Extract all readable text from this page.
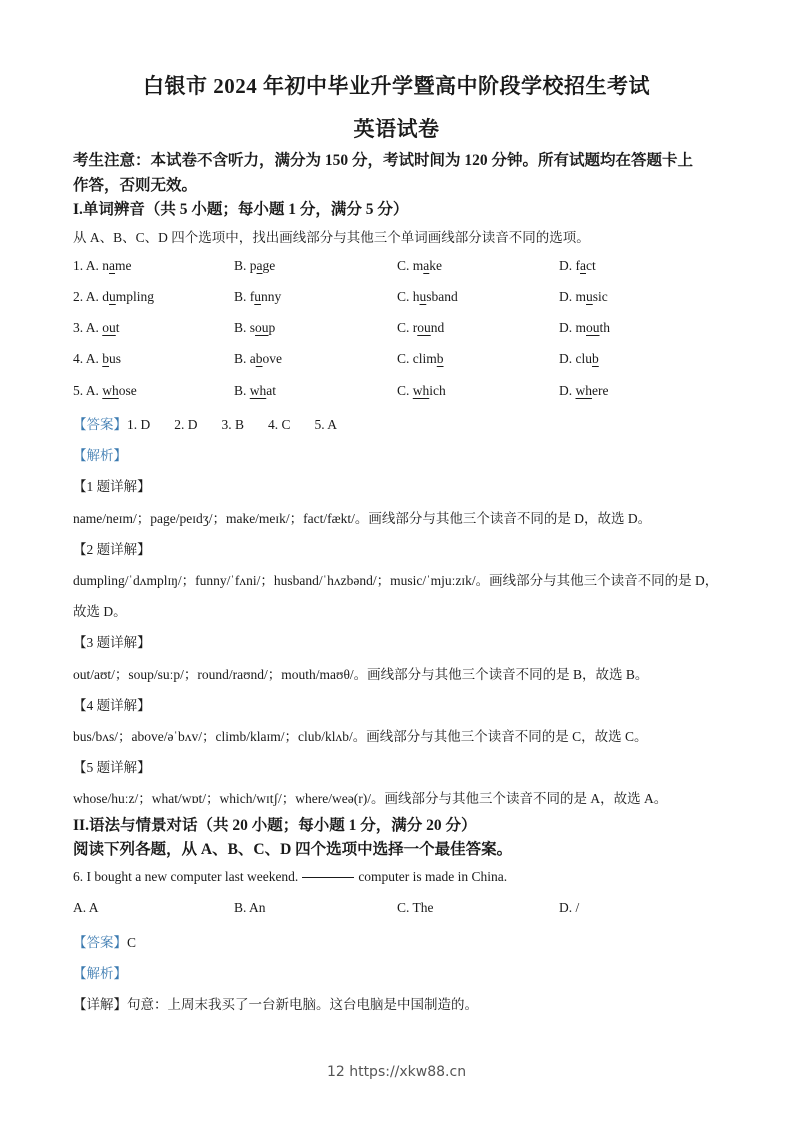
白银市 2024 年初中毕业升学暨高中阶段学校招生考试
英语试卷
考生注意：本试卷不含听力，满分为 150 分，考试时间为 120 分钟。所有试题均在答题卡上
作答，否则无效。
I.单词辨音（共 5 小题；每小题 1 分，满分 5 分）
从 A、B、C、D 四个选项中，找出画线部分与其他三个单词画线部分读音不同的选项。
1. A. name	B. page	C. make	D. fact
2. A. dumpling	B. funny	C. husband	D. music
3. A. out	B. soup	C. round	D. mouth
4. A. bus	B. above	C. climb	D. club
5. A. whose	B. what	C. which	D. where
【答案】1. D 2. D 3. B 4. C 5. A
【解析】
【1 题详解】
name/neɪm/；page/peɪdʒ/；make/meɪk/；fact/fækt/。画线部分与其他三个读音不同的是 D，故选 D。
【2 题详解】
dumpling/ˈdʌmplɪŋ/；funny/ˈfʌni/；husband/ˈhʌzbənd/；music/ˈmjuːzɪk/。画线部分与其他三个读音不同的是 D，
故选 D。
【3 题详解】
out/aʊt/；soup/suːp/；round/raʊnd/；mouth/maʊθ/。画线部分与其他三个读音不同的是 B，故选 B。
【4 题详解】
bus/bʌs/；above/əˈbʌv/；climb/klaɪm/；club/klʌb/。画线部分与其他三个读音不同的是 C，故选 C。
【5 题详解】
whose/huːz/；what/wɒt/；which/wɪtʃ/；where/weə(r)/。画线部分与其他三个读音不同的是 A，故选 A。
II.语法与情景对话（共 20 小题；每小题 1 分，满分 20 分）
阅读下列各题，从 A、B、C、D 四个选项中选择一个最佳答案。
6. I bought a new computer last weekend.	computer is made in China.
A. A	B. An	C. The	D. /
【答案】C
【解析】
【详解】句意：上周末我买了一台新电脑。这台电脑是中国制造的。
12 https://xkw88.cn
